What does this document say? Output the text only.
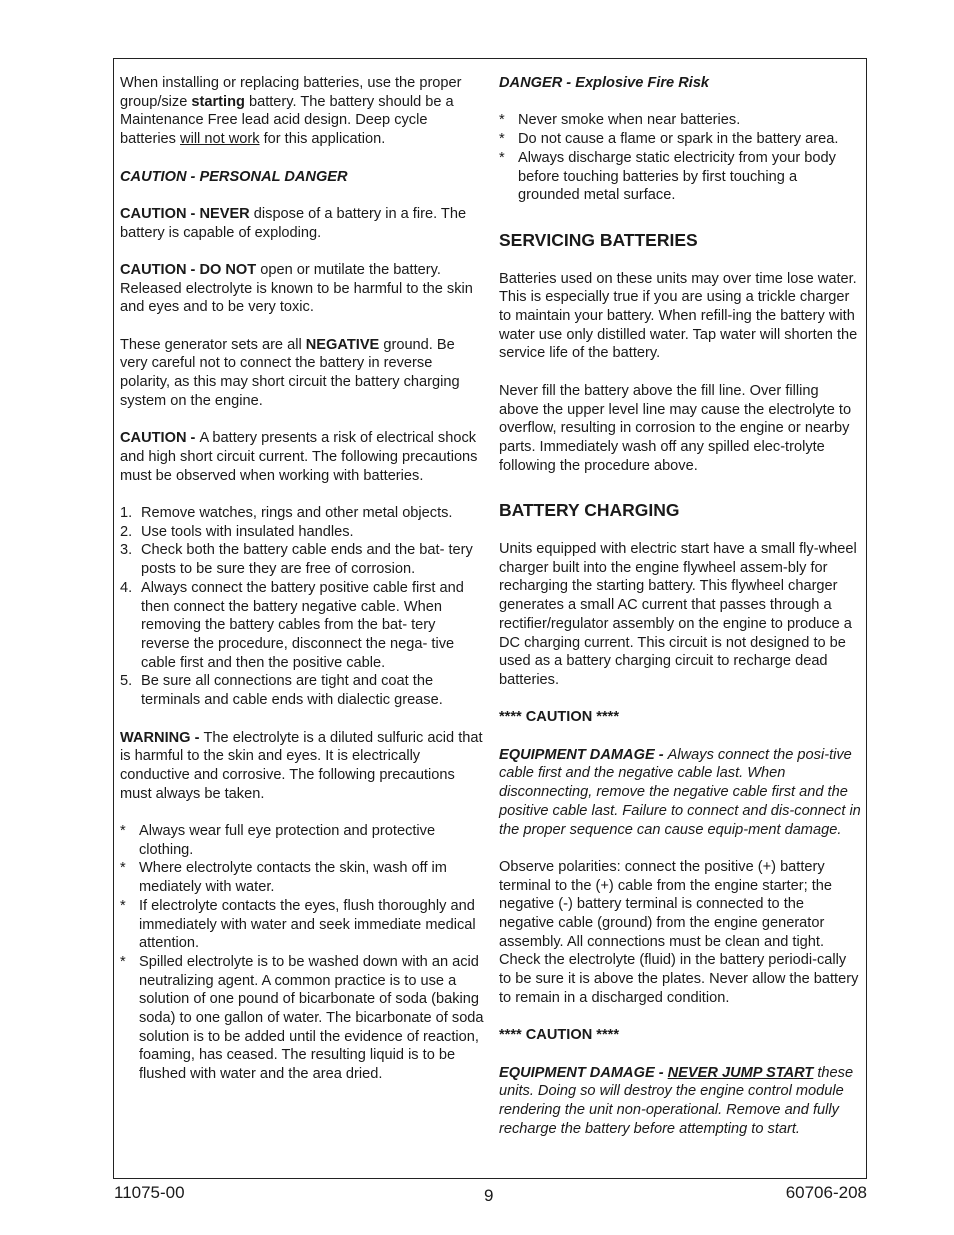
When installing or replacing batteries, use the proper group/size starting battery. The battery should be a Maintenance Free lead acid design. Deep cycle batteries will not work for this application.

CAUTION - PERSONAL DANGER

CAUTION - NEVER dispose of a battery in a fire. The battery is capable of exploding.

CAUTION - DO NOT open or mutilate the battery. Released electrolyte is known to be harmful to the skin and eyes and to be very toxic.

These generator sets are all NEGATIVE ground. Be very careful not to connect the battery in reverse polarity, as this may short circuit the battery charging system on the engine.

CAUTION - A battery presents a risk of electrical shock and high short circuit current. The following precautions must be observed when working with batteries.

1. Remove watches, rings and other metal objects.
2. Use tools with insulated handles.
3. Check both the battery cable ends and the bat- tery posts to be sure they are free of corrosion.
4. Always connect the battery positive cable first and then connect the battery negative cable. When removing the battery cables from the bat- tery reverse the procedure, disconnect the nega- tive cable first and then the positive cable.
5. Be sure all connections are tight and coat the terminals and cable ends with dialectic grease.

WARNING - The electrolyte is a diluted sulfuric acid that is harmful to the skin and eyes. It is electrically conductive and corrosive. The following precautions must always be taken.

* Always wear full eye protection and protective clothing.
* Where electrolyte contacts the skin, wash off im mediately with water.
* If electrolyte contacts the eyes, flush thoroughly and immediately with water and seek immediate medical attention.
* Spilled electrolyte is to be washed down with an acid neutralizing agent. A common practice is to use a solution of one pound of bicarbonate of soda (baking soda) to one gallon of water. The bicarbonate of soda solution is to be added until the evidence of reaction, foaming, has ceased. The resulting liquid is to be flushed with water and the area dried.

DANGER - Explosive Fire Risk

* Never smoke when near batteries.
* Do not cause a flame or spark in the battery area.
* Always discharge static electricity from your body before touching batteries by first touching a grounded metal surface.

SERVICING BATTERIES

Batteries used on these units may over time lose water. This is especially true if you are using a trickle charger to maintain your battery. When refill-ing the battery with water use only distilled water. Tap water will shorten the service life of the battery.

Never fill the battery above the fill line. Over filling above the upper level line may cause the electrolyte to overflow, resulting in corrosion to the engine or nearby parts. Immediately wash off any spilled elec-trolyte following the procedure above.

BATTERY CHARGING

Units equipped with electric start have a small fly-wheel charger built into the engine flywheel assem-bly for recharging the starting battery. This flywheel charger generates a small AC current that passes through a rectifier/regulator assembly on the engine to produce a DC charging current. This circuit is not designed to be used as a battery charging circuit to recharge dead batteries.

**** CAUTION ****

EQUIPMENT DAMAGE - Always connect the posi-tive cable first and the negative cable last. When disconnecting, remove the negative cable first and the positive cable last. Failure to connect and dis-connect in the proper sequence can cause equip-ment damage.

Observe polarities: connect the positive (+) battery terminal to the (+) cable from the engine starter; the negative (-) battery terminal is connected to the negative cable (ground) from the engine generator assembly. All connections must be clean and tight. Check the electrolyte (fluid) in the battery periodi-cally to be sure it is above the plates. Never allow the battery to remain in a discharged condition.

**** CAUTION ****

EQUIPMENT DAMAGE - NEVER JUMP START these units. Doing so will destroy the engine control module rendering the unit non-operational. Remove and fully recharge the battery before attempting to start.

11075-00	9	60706-208
